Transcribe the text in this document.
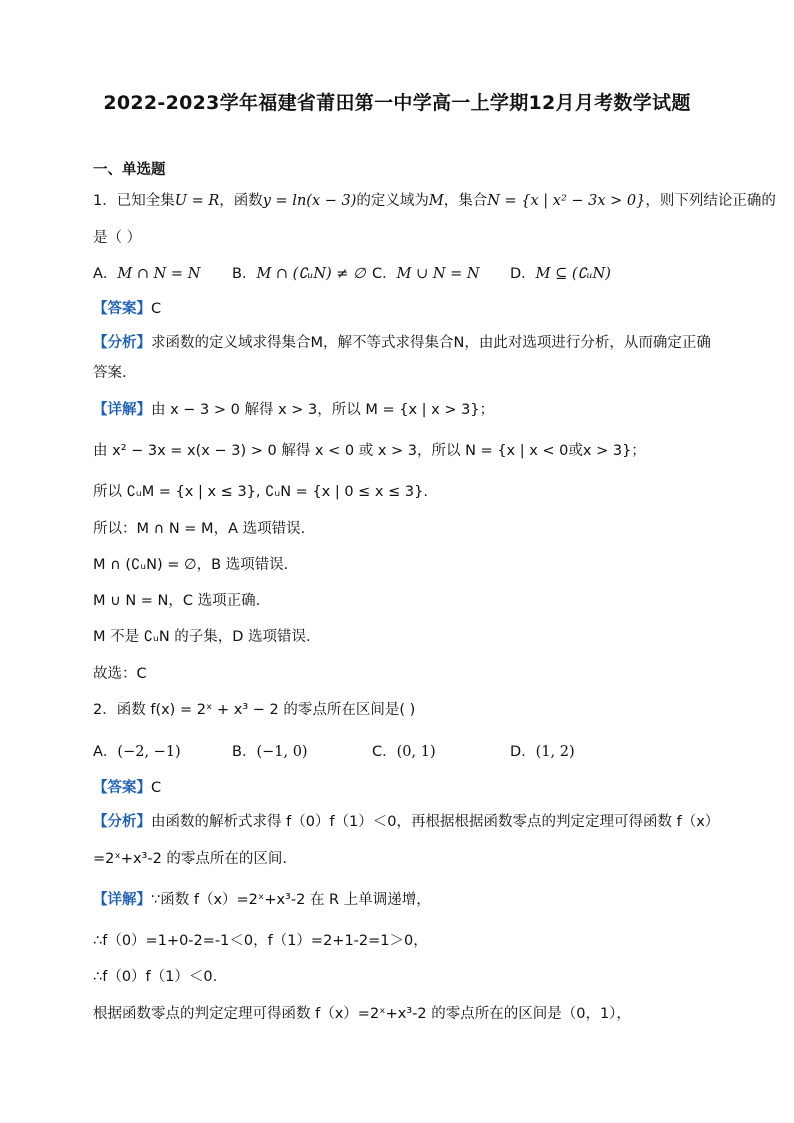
2022-2023学年福建省莆田第一中学高一上学期12月月考数学试题
一、单选题
1．已知全集U = R，函数y = ln(x − 3)的定义域为M，集合N = {x | x² − 3x > 0}，则下列结论正确的
是（ ）
A．M ∩ N = N B．M ∩ (∁ᵤN) ≠ ∅ C．M ∪ N = N D．M ⊆ (∁ᵤN)
【答案】C
【分析】求函数的定义域求得集合M，解不等式求得集合N，由此对选项进行分析，从而确定正确
答案.
【详解】由 x − 3 > 0 解得 x > 3，所以 M = {x | x > 3}；
由 x² − 3x = x(x − 3) > 0 解得 x < 0 或 x > 3，所以 N = {x | x < 0或x > 3}；
所以 ∁ᵤM = {x | x ≤ 3}, ∁ᵤN = {x | 0 ≤ x ≤ 3}.
所以：M ∩ N = M，A 选项错误.
M ∩ (∁ᵤN) = ∅，B 选项错误.
M ∪ N = N，C 选项正确.
M 不是 ∁ᵤN 的子集，D 选项错误.
故选：C
2．函数 f(x) = 2ˣ + x³ − 2 的零点所在区间是( )
A．(−2, −1)	B．(−1, 0)	C．(0, 1)	D．(1, 2)
【答案】C
【分析】由函数的解析式求得 f（0）f（1）＜0，再根据根据函数零点的判定定理可得函数 f（x）
=2ˣ+x³-2 的零点所在的区间.
【详解】∵函数 f（x）=2ˣ+x³-2 在 R 上单调递增，
∴f（0）=1+0-2=-1＜0，f（1）=2+1-2=1＞0，
∴f（0）f（1）＜0.
根据函数零点的判定定理可得函数 f（x）=2ˣ+x³-2 的零点所在的区间是（0，1），
